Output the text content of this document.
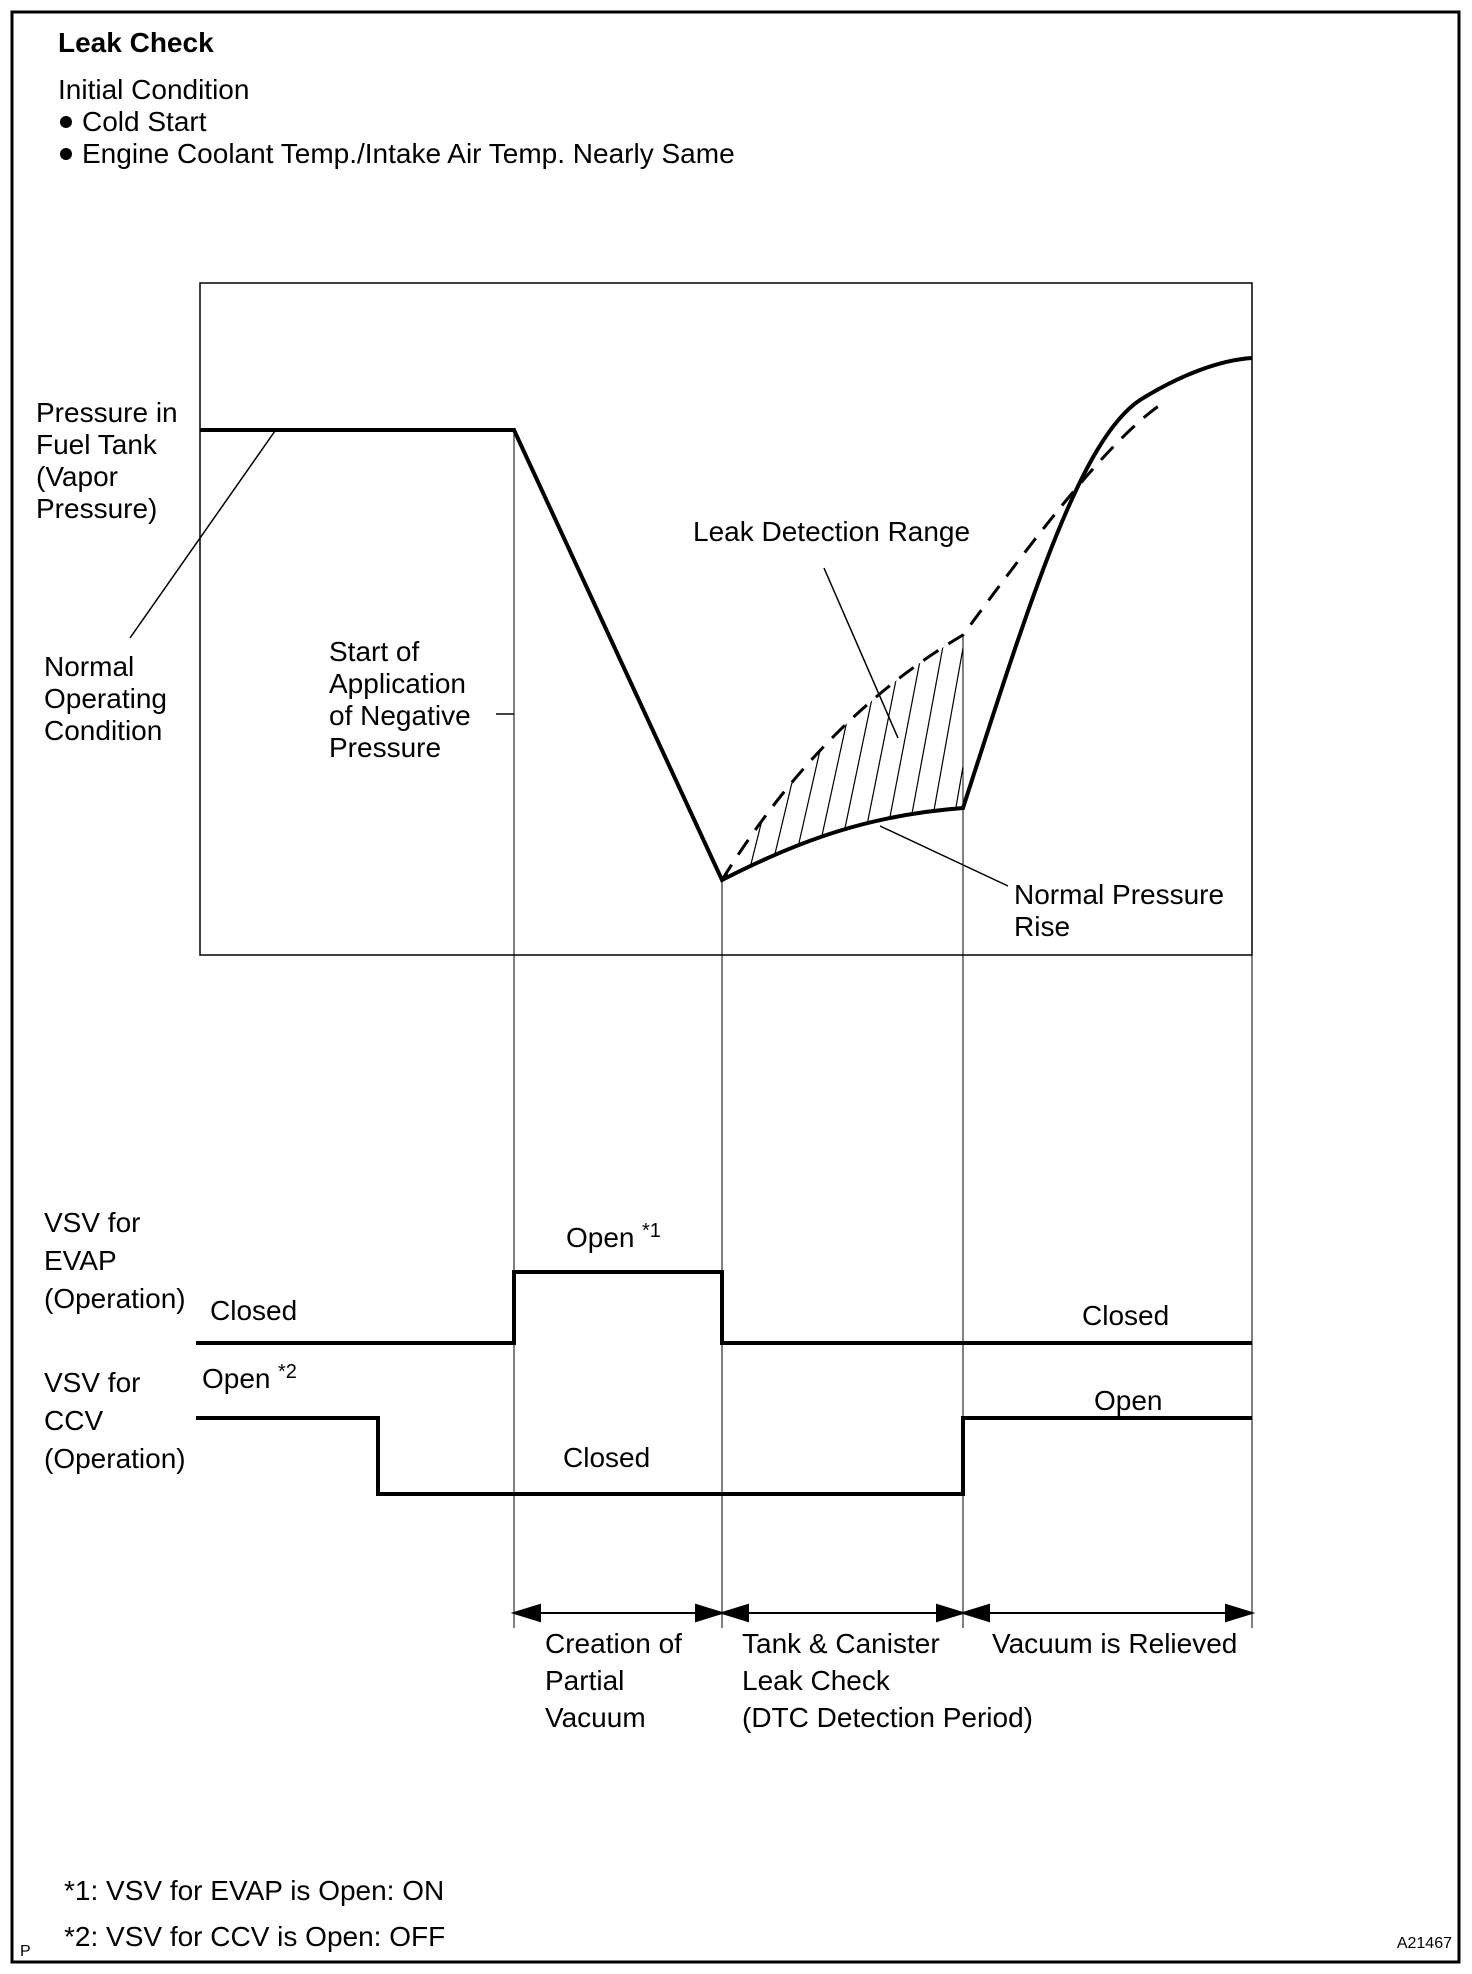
Leak Check
Initial Condition
Cold Start
Engine Coolant Temp./Intake Air Temp. Nearly Same
Pressure in
Fuel Tank
(Vapor
Pressure)
Normal
Operating
Condition
Start of
Application
of Negative
Pressure
Leak Detection Range
Normal Pressure
Rise
VSV for
EVAP
(Operation) Closed
Open *1
Closed
VSV for
CCV
(Operation)
Open *2
Closed
Open
Creation of
Partial
Vacuum
Tank & Canister
Leak Check
(DTC Detection Period)
Vacuum is Relieved
*1: VSV for EVAP is Open: ON
*2: VSV for CCV is Open: OFF
P	A21467
